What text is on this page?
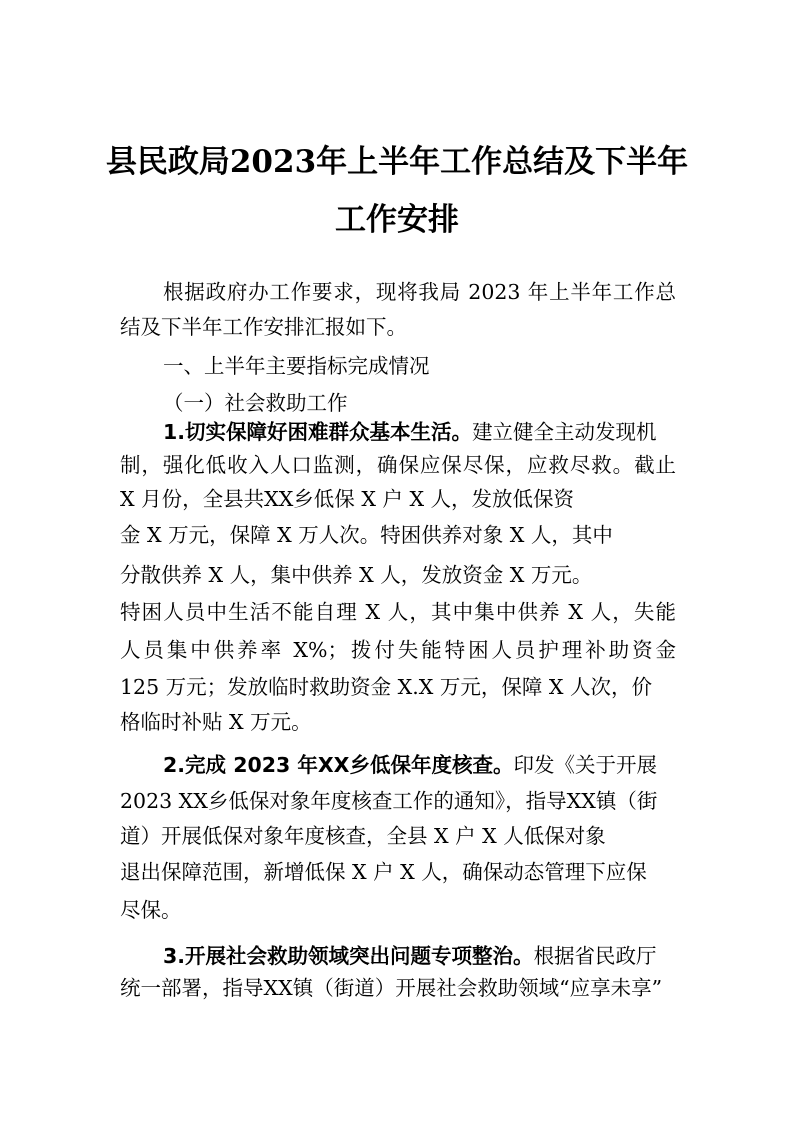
县民政局2023年上半年工作总结及下半年
工作安排
根据政府办工作要求，现将我局 2023 年上半年工作总
结及下半年工作安排汇报如下。
一、上半年主要指标完成情况
（一）社会救助工作
1.切实保障好困难群众基本生活。建立健全主动发现机
制，强化低收入人口监测，确保应保尽保，应救尽救。截止
X 月份，全县共XX乡低保 X 户 X 人，发放低保资
金 X 万元，保障 X 万人次。特困供养对象 X 人，其中
分散供养 X 人，集中供养 X 人，发放资金 X 万元。
特困人员中生活不能自理 X 人，其中集中供养 X 人，失能
人员集中供养率 X%；拨付失能特困人员护理补助资金
125 万元；发放临时救助资金 X.X 万元，保障 X 人次，价
格临时补贴 X 万元。
2.完成 2023 年XX乡低保年度核查。印发《关于开展
2023 XX乡低保对象年度核查工作的通知》，指导XX镇（街
道）开展低保对象年度核查，全县 X 户 X 人低保对象
退出保障范围，新增低保 X 户 X 人，确保动态管理下应保
尽保。
3.开展社会救助领域突出问题专项整治。根据省民政厅
统一部署，指导XX镇（街道）开展社会救助领域“应享未享”
